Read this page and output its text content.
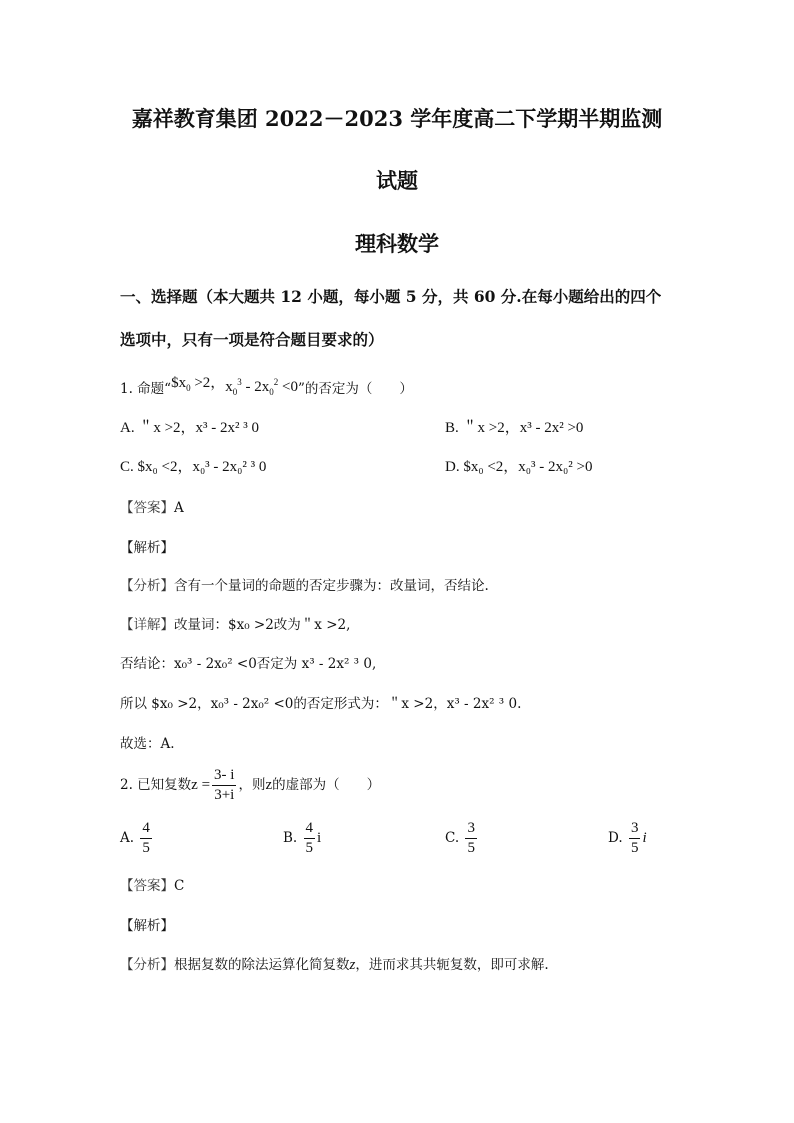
嘉祥教育集团 2022－2023 学年度高二下学期半期监测
试题
理科数学
一、选择题（本大题共 12 小题，每小题 5 分，共 60 分.在每小题给出的四个
选项中，只有一项是符合题目要求的）
1. 命题“$\$x_0 >2$，$x_0^3 - 2x_0^2 <0$”的否定为（　　）
A. ＂x >2，x³ - 2x² ³ 0	B. ＂x >2，x³ - 2x² >0
C. $x₀ <2，x₀³ - 2x₀² ³ 0	D. $x₀ <2，x₀³ - 2x₀² >0
【答案】A
【解析】
【分析】含有一个量词的命题的否定步骤为：改量词，否结论.
【详解】改量词：$x₀ >2改为＂x >2,
否结论：x₀³ - 2x₀² <0否定为 x³ - 2x² ³ 0,
所以 $x₀ >2，x₀³ - 2x₀² <0的否定形式为：＂x >2，x³ - 2x² ³ 0.
故选：A.
2. 已知复数$z = \frac{3- i}{3+i}$ ，则z的虚部为（　　）
A. $\frac{4}{5}$	B. $\frac{4}{5}$ i	C. $\frac{3}{5}$	D. $\frac{3}{5}$ i
【答案】C
【解析】
【分析】根据复数的除法运算化简复数z，进而求其共轭复数，即可求解.
